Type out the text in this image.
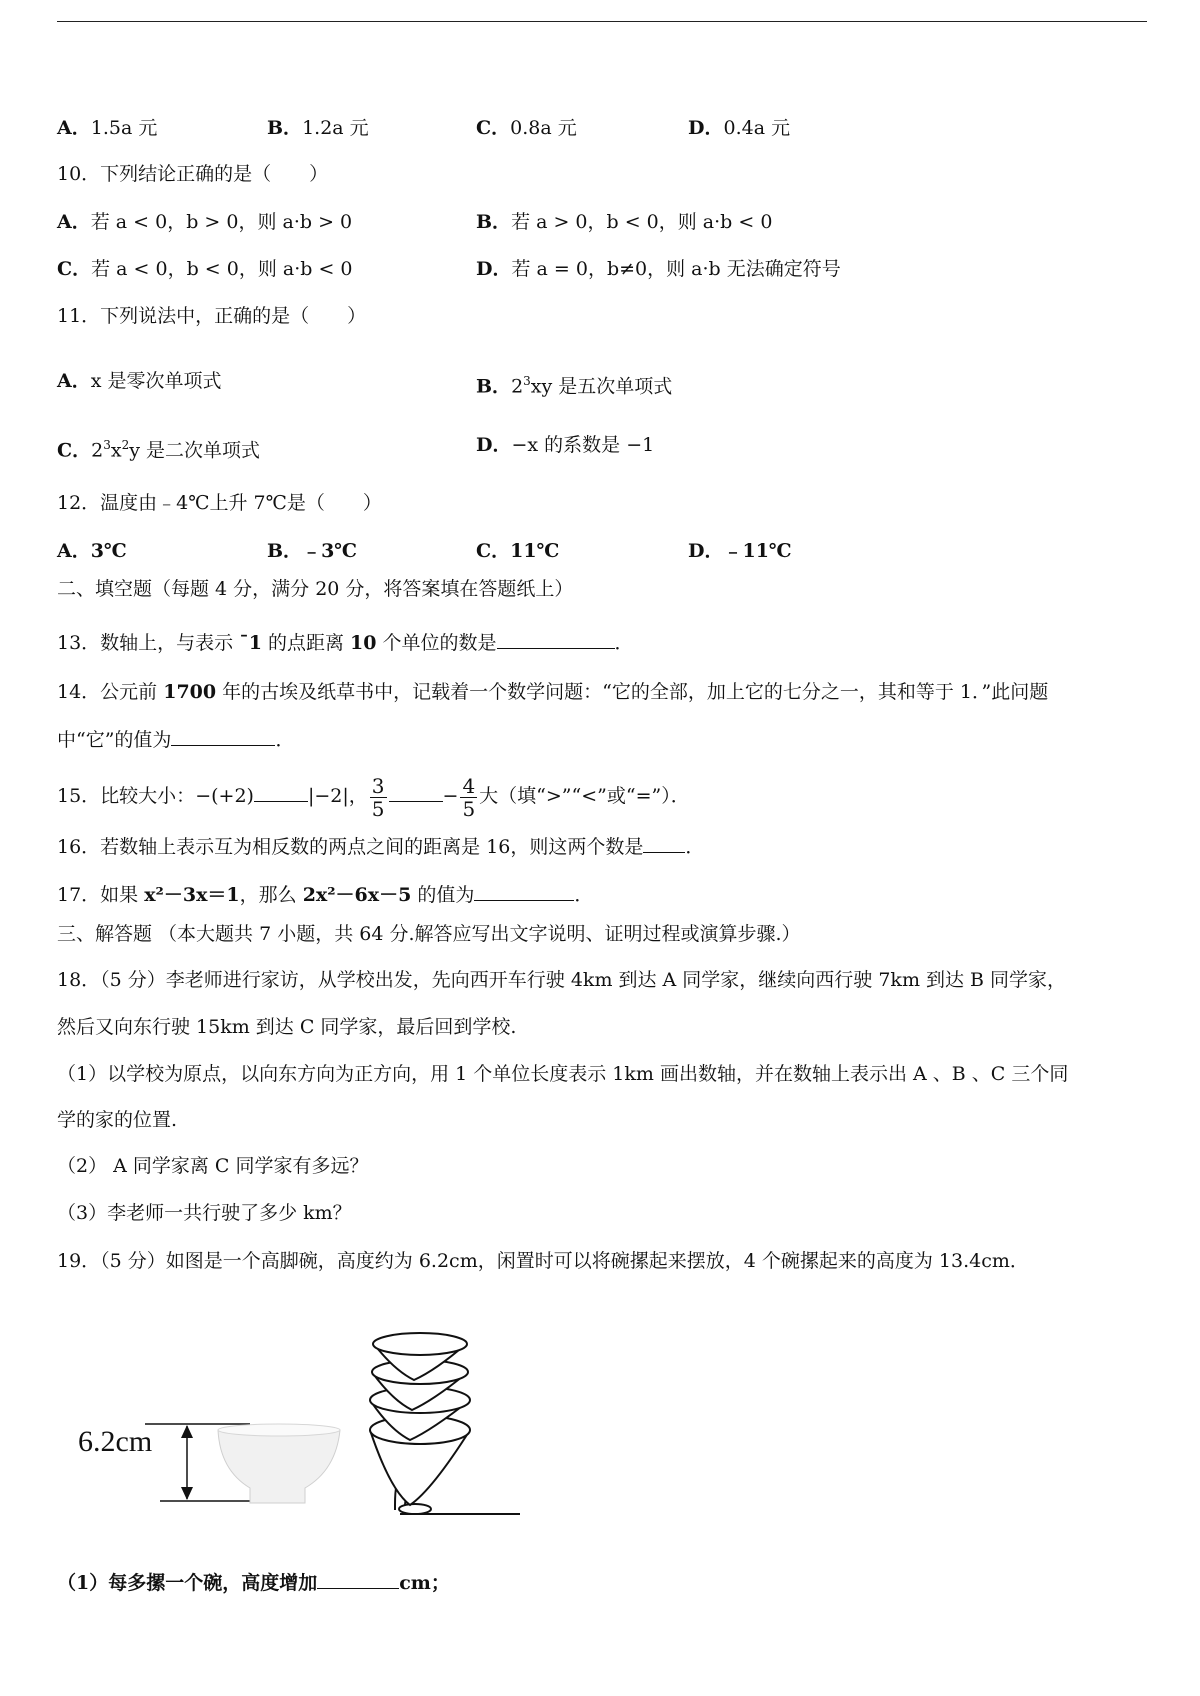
A．1.5a 元	B．1.2a 元	C．0.8a 元	D．0.4a 元
10．下列结论正确的是（　　）
A．若 a < 0，b > 0，则 a·b > 0	B．若 a > 0，b < 0，则 a·b < 0
C．若 a < 0，b < 0，则 a·b < 0	D．若 a = 0，b≠0，则 a·b 无法确定符号
11．下列说法中，正确的是（　　）
A．x 是零次单项式	B．$2^3xy$ 是五次单项式
C．$2^3x^2y$ 是二次单项式	D．−x 的系数是 −1
12．温度由﹣4℃上升 7℃是（　　）
A．3℃	B．﹣3℃	C．11℃	D．﹣11℃
二、填空题（每题 4 分，满分 20 分，将答案填在答题纸上）
13．数轴上，与表示 ˉ1 的点距离 10 个单位的数是	．
14．公元前 1700 年的古埃及纸草书中，记载着一个数学问题：“它的全部，加上它的七分之一，其和等于 1．”此问题
中“它”的值为	．
15．比较大小：−(+2)	|−2|， $\frac{3}{5}$	− $\frac{4}{5}$ 大（填“>”“<”或“=”）．
16．若数轴上表示互为相反数的两点之间的距离是 16，则这两个数是 ．
17．如果 x²－3x＝1，那么 2x²－6x－5 的值为	．
三、解答题 （本大题共 7 小题，共 64 分.解答应写出文字说明、证明过程或演算步骤.）
18．（5 分）李老师进行家访，从学校出发，先向西开车行驶 4km 到达 A 同学家，继续向西行驶 7km 到达 B 同学家，
然后又向东行驶 15km 到达 C 同学家，最后回到学校.
（1）以学校为原点，以向东方向为正方向，用 1 个单位长度表示 1km 画出数轴，并在数轴上表示出 A 、B 、C 三个同
学的家的位置.
（2） A 同学家离 C 同学家有多远？
（3）李老师一共行驶了多少 km？
19．（5 分）如图是一个高脚碗，高度约为 6.2cm，闲置时可以将碗摞起来摆放，4 个碗摞起来的高度为 13.4cm．
6.2cm
（1）每多摞一个碗，高度增加	cm；
